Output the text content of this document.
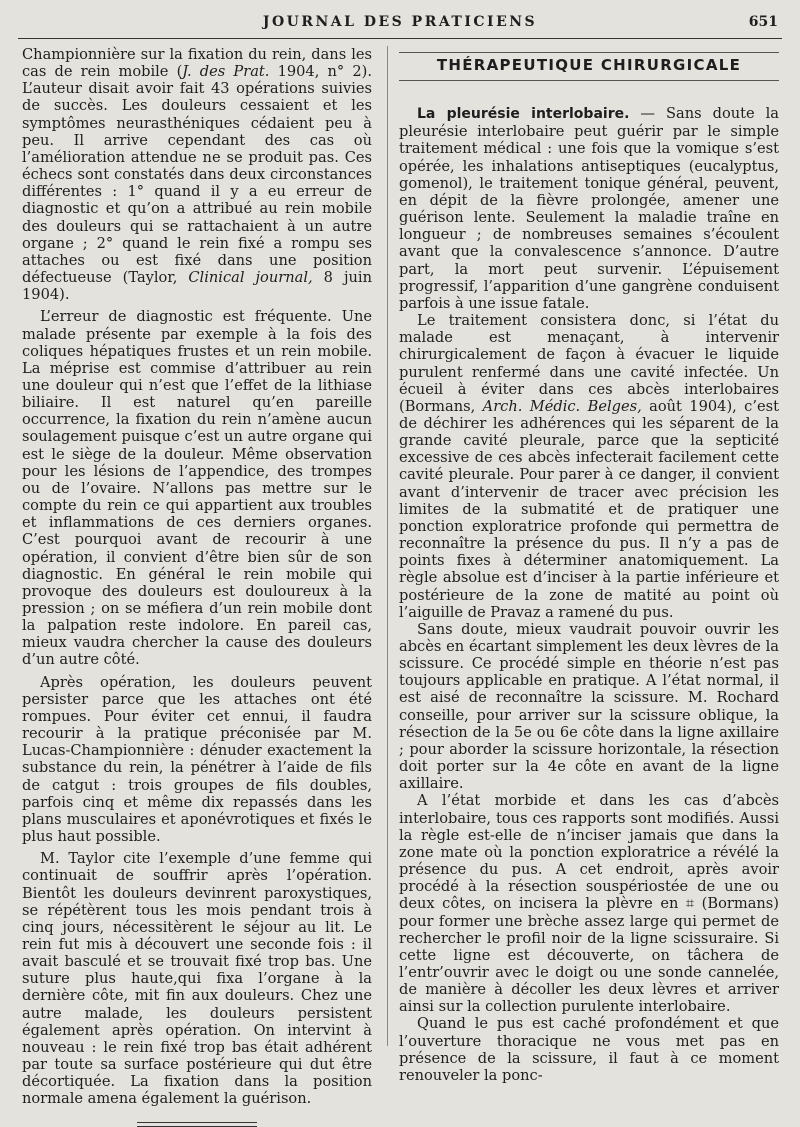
JOURNAL DES PRATICIENS	651

Championnière sur la fixation du rein, dans les cas de rein mobile (J. des Prat. 1904, n° 2). L’auteur disait avoir fait 43 opérations suivies de succès. Les douleurs cessaient et les symptômes neurasthéniques cédaient peu à peu. Il arrive cependant des cas où l’amélioration attendue ne se produit pas. Ces échecs sont constatés dans deux circonstances différentes : 1° quand il y a eu erreur de diagnostic et qu’on a attribué au rein mobile des douleurs qui se rattachaient à un autre organe ; 2° quand le rein fixé a rompu ses attaches ou est fixé dans une position défectueuse (Taylor, Clinical journal, 8 juin 1904).

L’erreur de diagnostic est fréquente. Une malade présente par exemple à la fois des coliques hépatiques frustes et un rein mobile. La méprise est commise d’attribuer au rein une douleur qui n’est que l’effet de la lithiase biliaire. Il est naturel qu’en pareille occurrence, la fixation du rein n’amène aucun soulagement puisque c’est un autre organe qui est le siège de la douleur. Même observation pour les lésions de l’appendice, des trompes ou de l’ovaire. N’allons pas mettre sur le compte du rein ce qui appartient aux troubles et inflammations de ces derniers organes. C’est pourquoi avant de recourir à une opération, il convient d’être bien sûr de son diagnostic. En général le rein mobile qui provoque des douleurs est douloureux à la pression ; on se méfiera d’un rein mobile dont la palpation reste indolore. En pareil cas, mieux vaudra chercher la cause des douleurs d’un autre côté.

Après opération, les douleurs peuvent persister parce que les attaches ont été rompues. Pour éviter cet ennui, il faudra recourir à la pratique préconisée par M. Lucas-Championnière : dénuder exactement la substance du rein, la pénétrer à l’aide de fils de catgut : trois groupes de fils doubles, parfois cinq et même dix repassés dans les plans musculaires et aponévrotiques et fixés le plus haut possible.

M. Taylor cite l’exemple d’une femme qui continuait de souffrir après l’opération. Bientôt les douleurs devinrent paroxystiques, se répétèrent tous les mois pendant trois à cinq jours, nécessitèrent le séjour au lit. Le rein fut mis à découvert une seconde fois : il avait basculé et se trouvait fixé trop bas. Une suture plus haute,qui fixa l’organe à la dernière côte, mit fin aux douleurs. Chez une autre malade, les douleurs persistent également après opération. On intervint à nouveau : le rein fixé trop bas était adhérent par toute sa surface postérieure qui dut être décortiquée. La fixation dans la position normale amena également la guérison.

THÉRAPEUTIQUE CHIRURGICALE

La pleurésie interlobaire. — Sans doute la pleurésie interlobaire peut guérir par le simple traitement médical : une fois que la vomique s’est opérée, les inhalations antiseptiques (eucalyptus, gomenol), le traitement tonique général, peuvent, en dépit de la fièvre prolongée, amener une guérison lente. Seulement la maladie traîne en longueur ; de nombreuses semaines s’écoulent avant que la convalescence s’annonce. D’autre part, la mort peut survenir. L’épuisement progressif, l’apparition d’une gangrène conduisent parfois à une issue fatale.

Le traitement consistera donc, si l’état du malade est menaçant, à intervenir chirurgicalement de façon à évacuer le liquide purulent renfermé dans une cavité infectée. Un écueil à éviter dans ces abcès interlobaires (Bormans, Arch. Médic. Belges, août 1904), c’est de déchirer les adhérences qui les séparent de la grande cavité pleurale, parce que la septicité excessive de ces abcès infecterait facilement cette cavité pleurale. Pour parer à ce danger, il convient avant d’intervenir de tracer avec précision les limites de la submatité et de pratiquer une ponction exploratrice profonde qui permettra de reconnaître la présence du pus. Il n’y a pas de points fixes à déterminer anatomiquement. La règle absolue est d’inciser à la partie inférieure et postérieure de la zone de matité au point où l’aiguille de Pravaz a ramené du pus.

Sans doute, mieux vaudrait pouvoir ouvrir les abcès en écartant simplement les deux lèvres de la scissure. Ce procédé simple en théorie n’est pas toujours applicable en pratique. A l’état normal, il est aisé de reconnaître la scissure. M. Rochard conseille, pour arriver sur la scissure oblique, la résection de la 5e ou 6e côte dans la ligne axillaire ; pour aborder la scissure horizontale, la résection doit porter sur la 4e côte en avant de la ligne axillaire.

A l’état morbide et dans les cas d’abcès interlobaire, tous ces rapports sont modifiés. Aussi la règle est-elle de n’inciser jamais que dans la zone mate où la ponction exploratrice a révélé la présence du pus. A cet endroit, après avoir procédé à la résection souspériostée de une ou deux côtes, on incisera la plèvre en ⌗ (Bormans) pour former une brèche assez large qui permet de rechercher le profil noir de la ligne scissuraire. Si cette ligne est découverte, on tâchera de l’entr’ouvrir avec le doigt ou une sonde cannelée, de manière à décoller les deux lèvres et arriver ainsi sur la collection purulente interlobaire.

Quand le pus est caché profondément et que l’ouverture thoracique ne vous met pas en présence de la scissure, il faut à ce moment renouveler la ponc-
